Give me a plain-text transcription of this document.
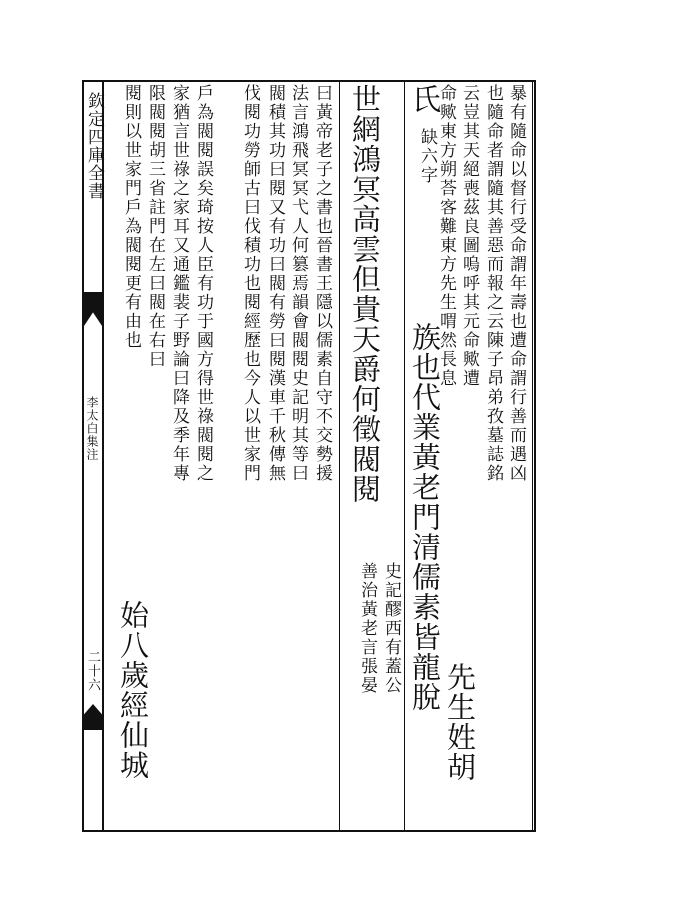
欽定四庫全書
李太白集注
二十六
暴有隨命以督行受命謂年壽也遭命謂行善而遇凶
也隨命者謂隨其善惡而報之云陳子昂弟孜墓誌銘
云豈其天絕喪茲良圖嗚呼其元命歟遭
命歟東方朔荅客難東方先生喟然長息
先生姓胡
氏
族也代業黃老門清儒素皆龍脫
缺六字
世網鴻冥高雲但貴天爵何徵閥閱
史記醪西有蓋公
善治黃老言張晏
曰黃帝老子之書也晉書王隱以儒素自守不交勢援
法言鴻飛冥冥弋人何篡焉韻會閥閱史記明其等曰
閥積其功曰閱又有功曰閥有勞曰閱漢車千秋傳無
伐閱功勞師古曰伐積功也閱經歷也今人以世家門
戶為閥閱誤矣琦按人臣有功于國方得世祿閥閱之
家猶言世祿之家耳又通鑑裴子野論曰降及季年專
限閥閱胡三省註門在左曰閥在右曰
始八歲經仙城
閱則以世家門戶為閥閱更有由也
